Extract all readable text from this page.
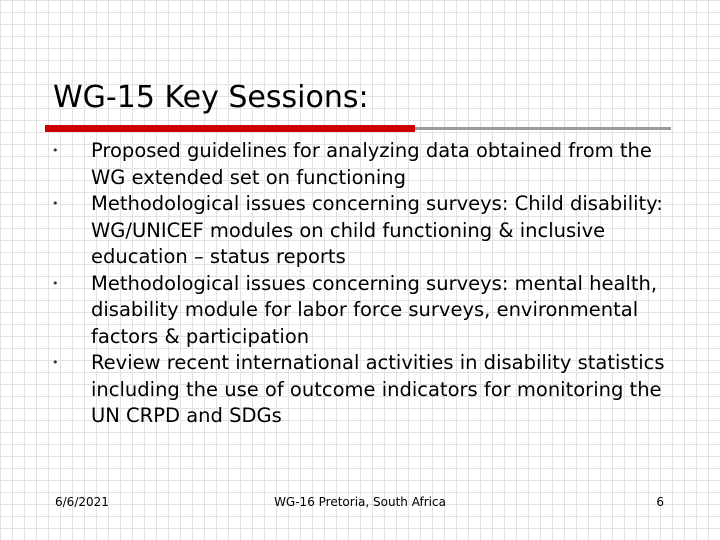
WG-15 Key Sessions:
• Proposed guidelines for analyzing data obtained from the WG extended set on functioning
• Methodological issues concerning surveys: Child disability: WG/UNICEF modules on child functioning & inclusive education – status reports
• Methodological issues concerning surveys: mental health, disability module for labor force surveys, environmental factors & participation
• Review recent international activities in disability statistics including the use of outcome indicators for monitoring the UN CRPD and SDGs
6/6/2021	WG-16 Pretoria, South Africa	6
